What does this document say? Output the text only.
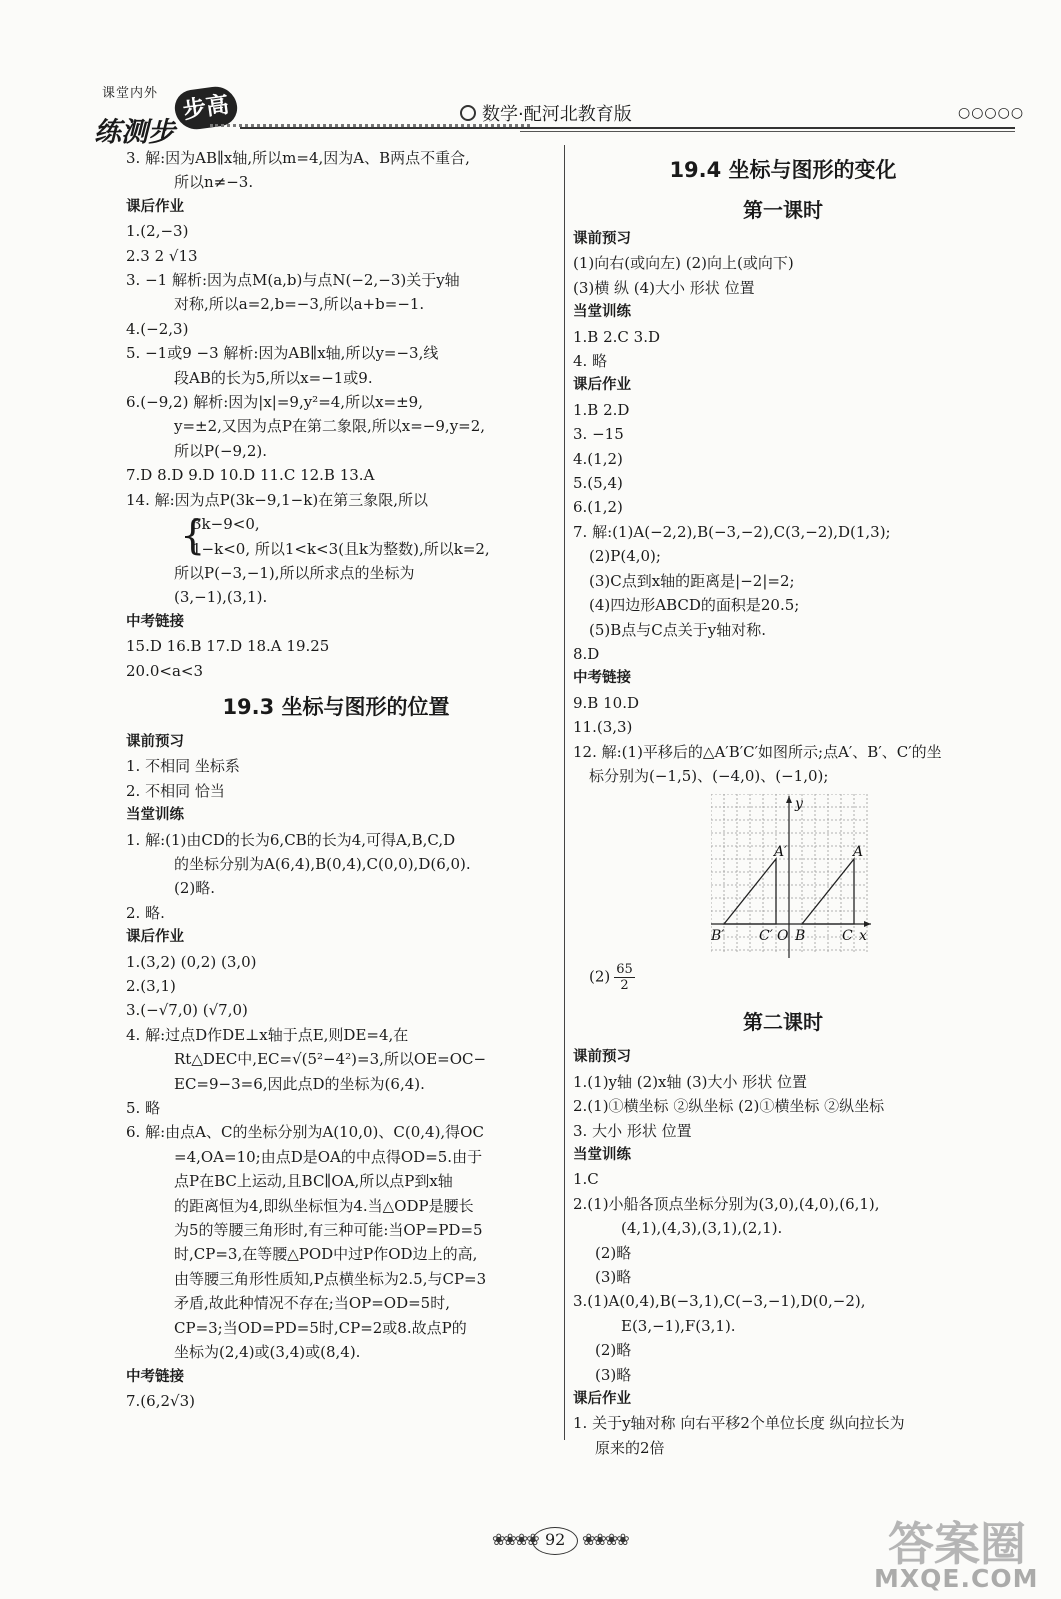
课堂内外
练测步
步高	数学·配河北教育版	○○○○○
3. 解:因为AB∥x轴,所以m=4,因为A、B两点不重合,
所以n≠−3.
课后作业
1.(2,−3)
2.3 2 √13
3. −1 解析:因为点M(a,b)与点N(−2,−3)关于y轴
对称,所以a=2,b=−3,所以a+b=−1.
4.(−2,3)
5. −1或9 −3 解析:因为AB∥x轴,所以y=−3,线
段AB的长为5,所以x=−1或9.
6.(−9,2) 解析:因为|x|=9,y²=4,所以x=±9,
y=±2,又因为点P在第二象限,所以x=−9,y=2,
所以P(−9,2).
7.D 8.D 9.D 10.D 11.C 12.B 13.A
14. 解:因为点P(3k−9,1−k)在第三象限,所以
{
3k−9<0,
1−k<0, 所以1<k<3(且k为整数),所以k=2,
所以P(−3,−1),所以所求点的坐标为
(3,−1),(3,1).
中考链接
15.D 16.B 17.D 18.A 19.25
20.0<a<3
19.3 坐标与图形的位置
课前预习
1. 不相同 坐标系
2. 不相同 恰当
当堂训练
1. 解:(1)由CD的长为6,CB的长为4,可得A,B,C,D
的坐标分别为A(6,4),B(0,4),C(0,0),D(6,0).
(2)略.
2. 略.
课后作业
1.(3,2) (0,2) (3,0)
2.(3,1)
3.(−√7,0) (√7,0)
4. 解:过点D作DE⊥x轴于点E,则DE=4,在
Rt△DEC中,EC=√(5²−4²)=3,所以OE=OC−
EC=9−3=6,因此点D的坐标为(6,4).
5. 略
6. 解:由点A、C的坐标分别为A(10,0)、C(0,4),得OC
=4,OA=10;由点D是OA的中点得OD=5.由于
点P在BC上运动,且BC∥OA,所以点P到x轴
的距离恒为4,即纵坐标恒为4.当△ODP是腰长
为5的等腰三角形时,有三种可能:当OP=PD=5
时,CP=3,在等腰△POD中过P作OD边上的高,
由等腰三角形性质知,P点横坐标为2.5,与CP=3
矛盾,故此种情况不存在;当OP=OD=5时,
CP=3;当OD=PD=5时,CP=2或8.故点P的
坐标为(2,4)或(3,4)或(8,4).
中考链接
7.(6,2√3)
19.4 坐标与图形的变化
第一课时
课前预习
(1)向右(或向左) (2)向上(或向下)
(3)横 纵 (4)大小 形状 位置
当堂训练
1.B 2.C 3.D
4. 略
课后作业
1.B 2.D
3. −15
4.(1,2)
5.(5,4)
6.(1,2)
7. 解:(1)A(−2,2),B(−3,−2),C(3,−2),D(1,3);
(2)P(4,0);
(3)C点到x轴的距离是|−2|=2;
(4)四边形ABCD的面积是20.5;
(5)B点与C点关于y轴对称.
8.D
中考链接
9.B 10.D
11.(3,3)
12. 解:(1)平移后的△A′B′C′如图所示;点A′、B′、C′的坐
标分别为(−1,5)、(−4,0)、(−1,0);
y
A′	A
B′ C′ O B	C x
$(2) \frac{65}{2}$
第二课时
课前预习
1.(1)y轴 (2)x轴 (3)大小 形状 位置
2.(1)①横坐标 ②纵坐标 (2)①横坐标 ②纵坐标
3. 大小 形状 位置
当堂训练
1.C
2.(1)小船各顶点坐标分别为(3,0),(4,0),(6,1),
(4,1),(4,3),(3,1),(2,1).
(2)略
(3)略
3.(1)A(0,4),B(−3,1),C(−3,−1),D(0,−2),
E(3,−1),F(3,1).
(2)略
(3)略
课后作业
1. 关于y轴对称 向右平移2个单位长度 纵向拉长为
原来的2倍
❀❀❀❀ 92 ❀❀❀❀	答案圈
MXQE.COM
